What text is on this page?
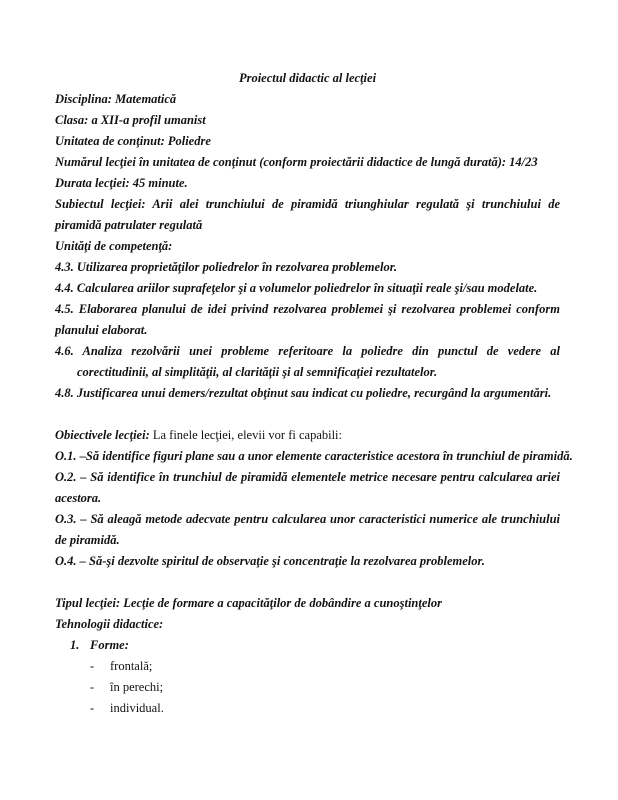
Proiectul didactic al lecţiei

Disciplina: Matematică

Clasa: a XII-a profil umanist

Unitatea de conţinut: Poliedre

Numărul lecţiei în unitatea de conţinut (conform proiectării didactice de lungă durată): 14/23

Durata lecţiei: 45 minute.

Subiectul lecţiei: Arii alei trunchiului de piramidă triunghiular regulată şi trunchiului de piramidă patrulater regulată

Unităţi de competenţă:

4.3. Utilizarea proprietăţilor poliedrelor în rezolvarea problemelor.

4.4. Calcularea ariilor suprafeţelor şi a volumelor poliedrelor în situaţii reale şi/sau modelate.

4.5. Elaborarea planului de idei privind rezolvarea problemei şi rezolvarea problemei conform planului elaborat.

4.6. Analiza rezolvării unei probleme referitoare la poliedre din punctul de vedere al corectitudinii, al simplităţii, al clarităţii şi al semnificaţiei rezultatelor.

4.8. Justificarea unui demers/rezultat obţinut sau indicat cu poliedre, recurgând la argumentări.

Obiectivele lecţiei: La finele lecţiei, elevii vor fi capabili:

O.1. –Să identifice figuri plane sau a unor elemente caracteristice acestora în trunchiul de piramidă.

O.2. – Să identifice în trunchiul de piramidă elementele metrice necesare pentru calcularea ariei acestora.

O.3. – Să aleagă metode adecvate pentru calcularea unor caracteristici numerice ale trunchiului de piramidă.

O.4. – Să-şi dezvolte spiritul de observaţie şi concentraţie la rezolvarea problemelor.

Tipul lecţiei: Lecţie de formare a capacităţilor de dobândire a cunoştinţelor

Tehnologii didactice:

1. Forme:

- frontală;

- în perechi;

- individual.
